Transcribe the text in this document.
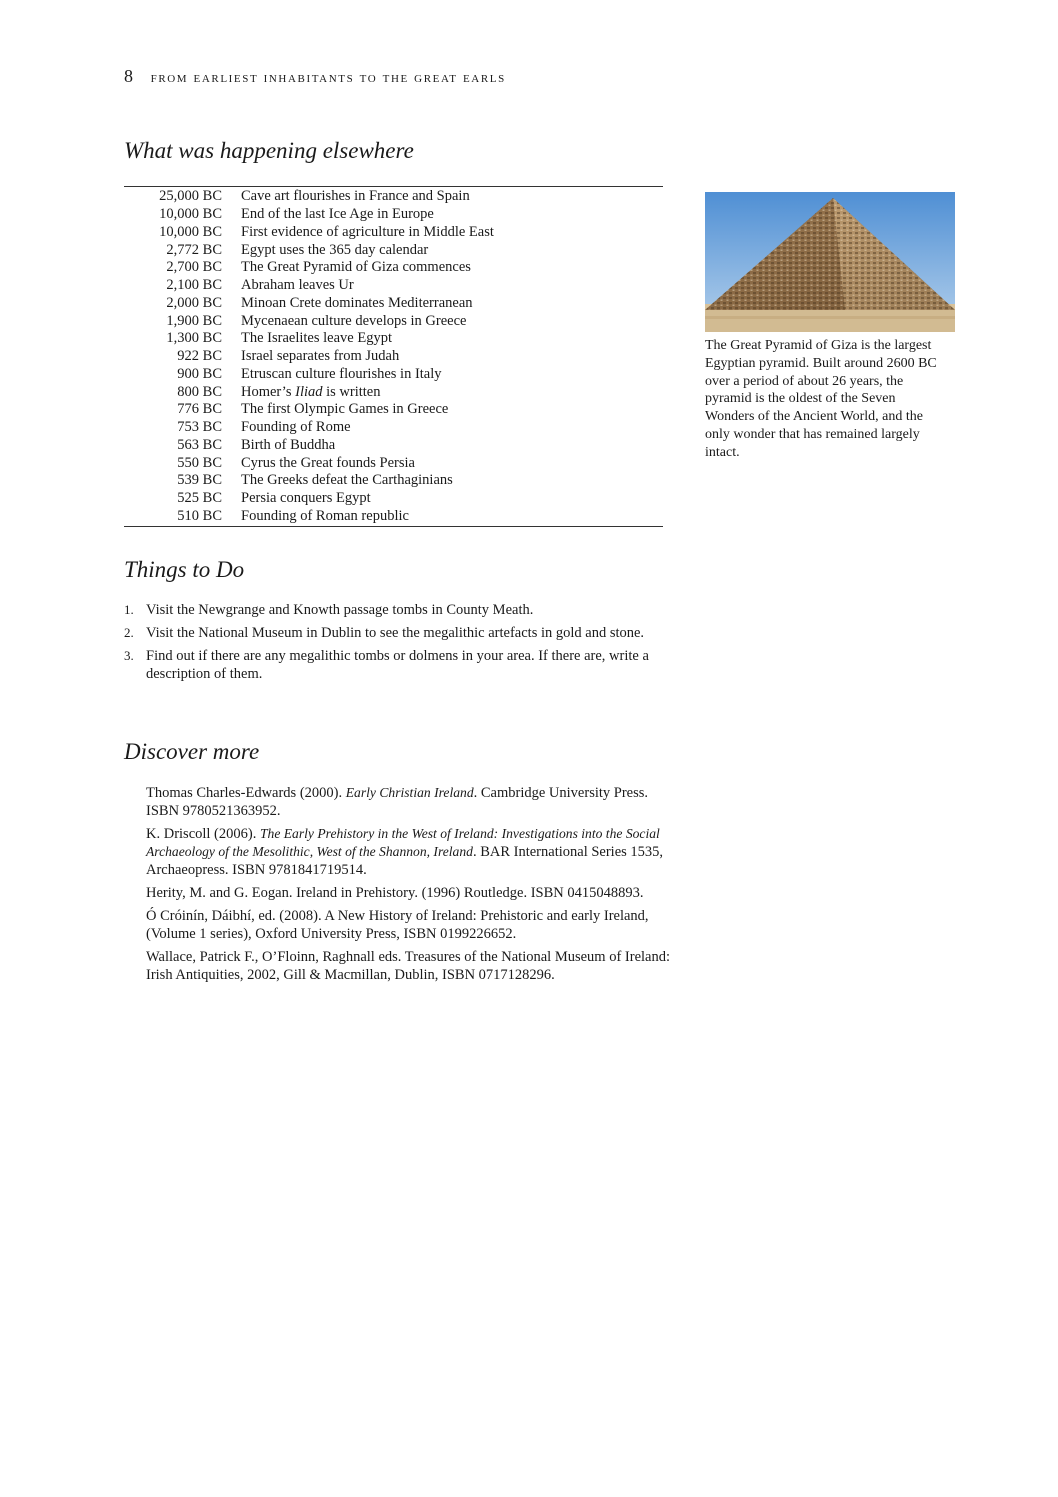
8 from earliest inhabitants to the great earls
What was happening elsewhere
25,000 BC Cave art flourishes in France and Spain
10,000 BC End of the last Ice Age in Europe
10,000 BC First evidence of agriculture in Middle East
2,772 BC Egypt uses the 365 day calendar
2,700 BC The Great Pyramid of Giza commences
2,100 BC Abraham leaves Ur
2,000 BC Minoan Crete dominates Mediterranean
1,900 BC Mycenaean culture develops in Greece
1,300 BC The Israelites leave Egypt
922 BC Israel separates from Judah
900 BC Etruscan culture flourishes in Italy
800 BC Homer’s Iliad is written
776 BC The first Olympic Games in Greece
753 BC Founding of Rome
563 BC Birth of Buddha
550 BC Cyrus the Great founds Persia
539 BC The Greeks defeat the Carthaginians
525 BC Persia conquers Egypt
510 BC Founding of Roman republic
The Great Pyramid of Giza is the largest Egyptian pyramid. Built around 2600 BC over a period of about 26 years, the pyramid is the oldest of the Seven Wonders of the Ancient World, and the only wonder that has remained largely intact.
Things to Do
1. Visit the Newgrange and Knowth passage tombs in County Meath.
2. Visit the National Museum in Dublin to see the megalithic artefacts in gold and stone.
3. Find out if there are any megalithic tombs or dolmens in your area. If there are, write a description of them.
Discover more
Thomas Charles-Edwards (2000). Early Christian Ireland. Cambridge University Press. ISBN 9780521363952.
K. Driscoll (2006). The Early Prehistory in the West of Ireland: Investigations into the Social Archaeology of the Mesolithic, West of the Shannon, Ireland. BAR International Series 1535, Archaeopress. ISBN 9781841719514.
Herity, M. and G. Eogan. Ireland in Prehistory. (1996) Routledge. ISBN 0415048893.
Ó Cróinín, Dáibhí, ed. (2008). A New History of Ireland: Prehistoric and early Ireland, (Volume 1 series), Oxford University Press, ISBN 0199226652.
Wallace, Patrick F., O’Floinn, Raghnall eds. Treasures of the National Museum of Ireland: Irish Antiquities, 2002, Gill & Macmillan, Dublin, ISBN 0717128296.
